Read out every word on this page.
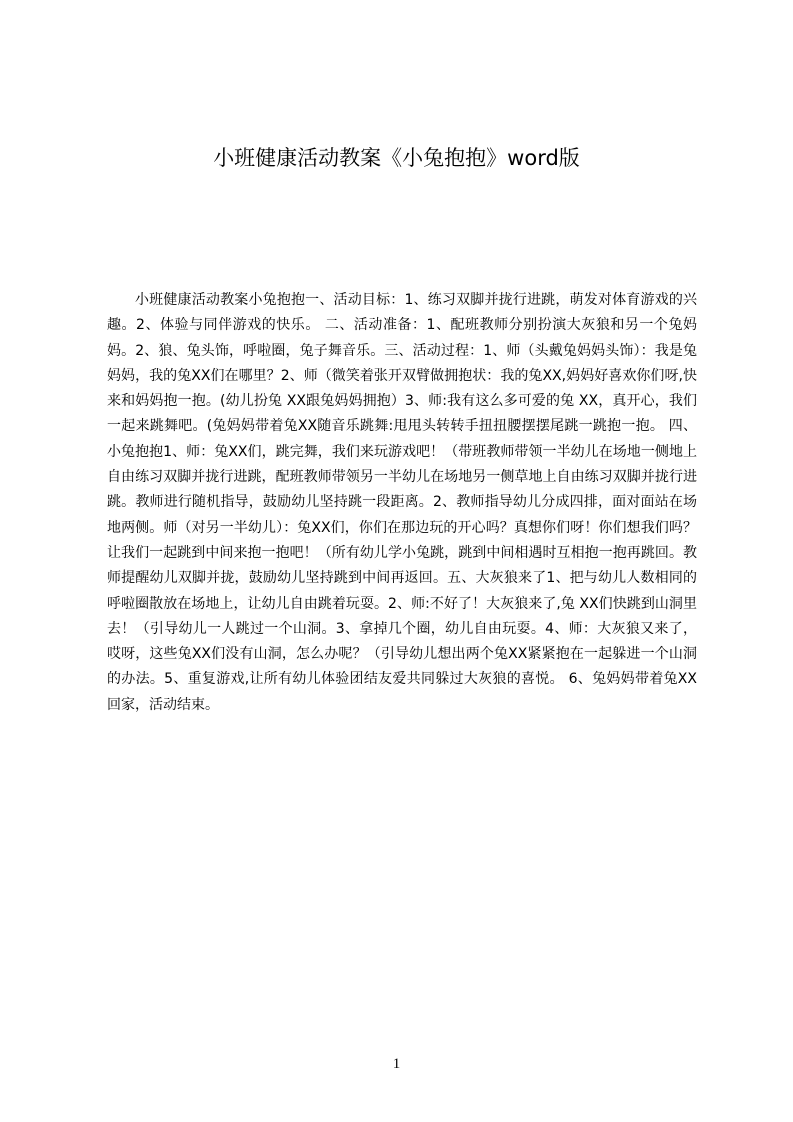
小班健康活动教案《小兔抱抱》word版

小班健康活动教案小兔抱抱一、活动目标：1、练习双脚并拢行进跳，萌发对体育游戏的兴趣。2、体验与同伴游戏的快乐。 二、活动准备：1、配班教师分别扮演大灰狼和另一个兔妈妈。2、狼、兔头饰，呼啦圈，兔子舞音乐。三、活动过程：1、师（头戴兔妈妈头饰）：我是兔妈妈，我的兔XX们在哪里？2、师（微笑着张开双臂做拥抱状：我的兔XX,妈妈好喜欢你们呀,快来和妈妈抱一抱。(幼儿扮兔 XX跟兔妈妈拥抱）3、师:我有这么多可爱的兔 XX，真开心，我们一起来跳舞吧。(兔妈妈带着兔XX随音乐跳舞:甩甩头转转手扭扭腰摆摆尾跳一跳抱一抱。 四、小兔抱抱1、师：兔XX们，跳完舞，我们来玩游戏吧！（带班教师带领一半幼儿在场地一侧地上自由练习双脚并拢行进跳，配班教师带领另一半幼儿在场地另一侧草地上自由练习双脚并拢行进跳。教师进行随机指导，鼓励幼儿坚持跳一段距离。2、教师指导幼儿分成四排，面对面站在场地两侧。师（对另一半幼儿）：兔XX们，你们在那边玩的开心吗？真想你们呀！你们想我们吗？让我们一起跳到中间来抱一抱吧！（所有幼儿学小兔跳，跳到中间相遇时互相抱一抱再跳回。教师提醒幼儿双脚并拢，鼓励幼儿坚持跳到中间再返回。五、大灰狼来了1、把与幼儿人数相同的呼啦圈散放在场地上，让幼儿自由跳着玩耍。2、师:不好了！大灰狼来了,兔 XX们快跳到山洞里去！（引导幼儿一人跳过一个山洞。3、拿掉几个圈，幼儿自由玩耍。4、师：大灰狼又来了，哎呀，这些兔XX们没有山洞，怎么办呢？（引导幼儿想出两个兔XX紧紧抱在一起躲进一个山洞的办法。5、重复游戏,让所有幼儿体验团结友爱共同躲过大灰狼的喜悦。 6、兔妈妈带着兔XX回家，活动结束。

1
